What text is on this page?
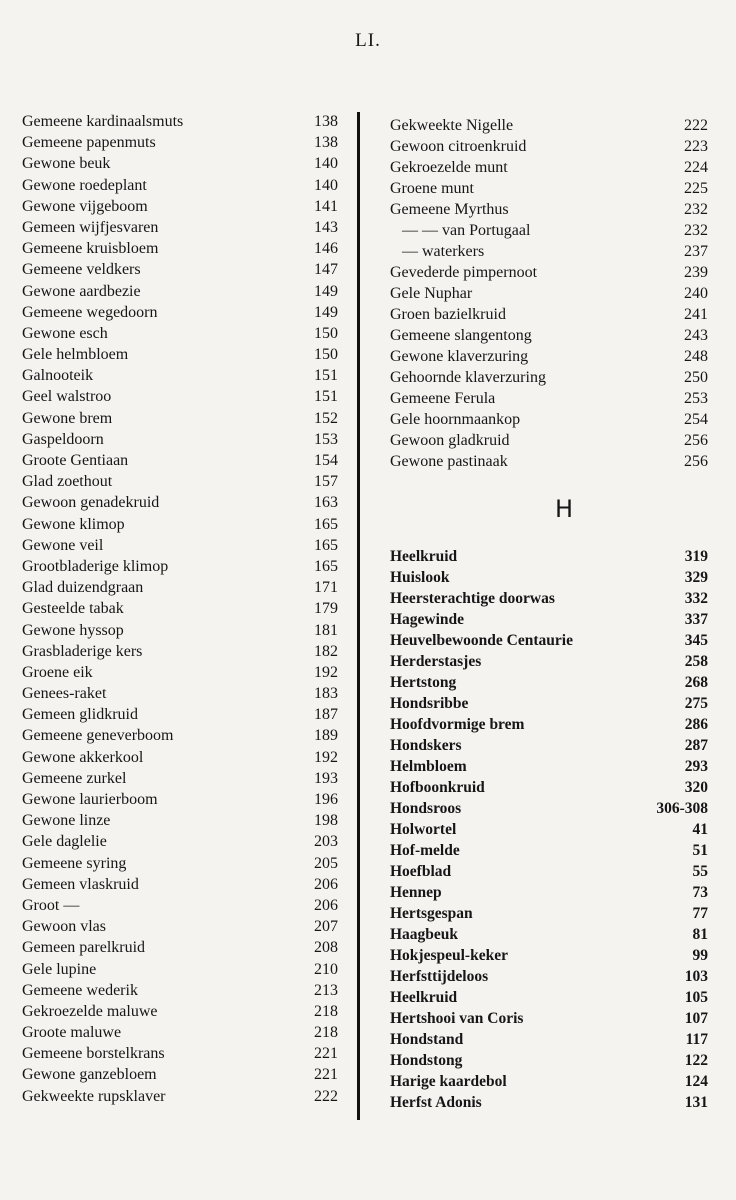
LI.
Gemeene kardinaalsmuts	138
Gemeene papenmuts	138
Gewone beuk	140
Gewone roedeplant	140
Gewone vijgeboom	141
Gemeen wijfjesvaren	143
Gemeene kruisbloem	146
Gemeene veldkers	147
Gewone aardbezie	149
Gemeene wegedoorn	149
Gewone esch	150
Gele helmbloem	150
Galnooteik	151
Geel walstroo	151
Gewone brem	152
Gaspeldoorn	153
Groote Gentiaan	154
Glad zoethout	157
Gewoon genadekruid	163
Gewone klimop	165
Gewone veil	165
Grootbladerige klimop	165
Glad duizendgraan	171
Gesteelde tabak	179
Gewone hyssop	181
Grasbladerige kers	182
Groene eik	192
Genees-raket	183
Gemeen glidkruid	187
Gemeene geneverboom	189
Gewone akkerkool	192
Gemeene zurkel	193
Gewone laurierboom	196
Gewone linze	198
Gele daglelie	203
Gemeene syring	205
Gemeen vlaskruid	206
Groot —	206
Gewoon vlas	207
Gemeen parelkruid	208
Gele lupine	210
Gemeene wederik	213
Gekroezelde maluwe	218
Groote maluwe	218
Gemeene borstelkrans	221
Gewone ganzebloem	221
Gekweekte rupsklaver	222
Gekweekte Nigelle	222
Gewoon citroenkruid	223
Gekroezelde munt	224
Groene munt	225
Gemeene Myrthus	232
— — van Portugaal	232
— waterkers	237
Gevederde pimpernoot	239
Gele Nuphar	240
Groen bazielkruid	241
Gemeene slangentong	243
Gewone klaverzuring	248
Gehoornde klaverzuring	250
Gemeene Ferula	253
Gele hoornmaankop	254
Gewoon gladkruid	256
Gewone pastinaak	256
H
Heelkruid	319
Huislook	329
Heersterachtige doorwas	332
Hagewinde	337
Heuvelbewoonde Centaurie	345
Herderstasjes	258
Hertstong	268
Hondsribbe	275
Hoofdvormige brem	286
Hondskers	287
Helmbloem	293
Hofboonkruid	320
Hondsroos	306-308
Holwortel	41
Hof-melde	51
Hoefblad	55
Hennep	73
Hertsgespan	77
Haagbeuk	81
Hokjespeul-keker	99
Herfsttijdeloos	103
Heelkruid	105
Hertshooi van Coris	107
Hondstand	117
Hondstong	122
Harige kaardebol	124
Herfst Adonis	131
